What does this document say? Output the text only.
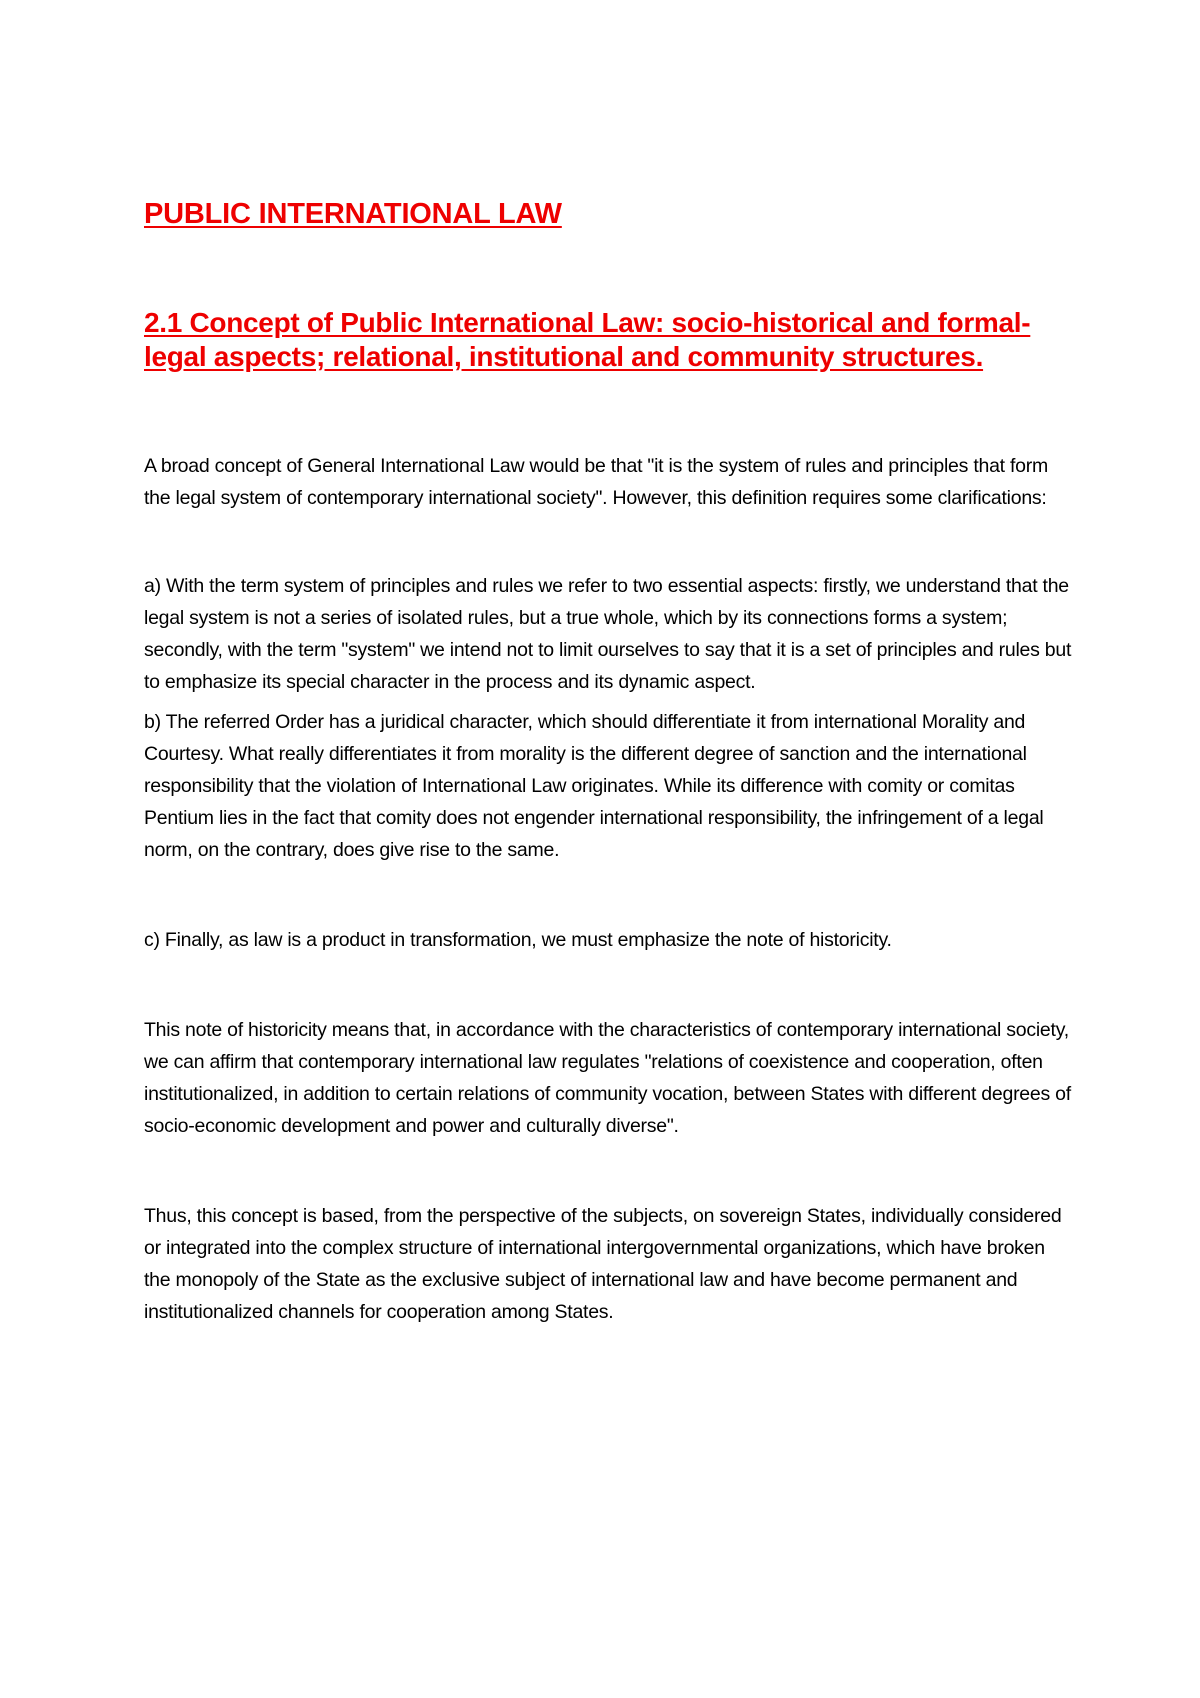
PUBLIC INTERNATIONAL LAW
2.1 Concept of Public International Law: socio-historical and formal-legal aspects; relational, institutional and community structures.

A broad concept of General International Law would be that "it is the system of rules and principles that form the legal system of contemporary international society". However, this definition requires some clarifications:

a) With the term system of principles and rules we refer to two essential aspects: firstly, we understand that the legal system is not a series of isolated rules, but a true whole, which by its connections forms a system; secondly, with the term "system" we intend not to limit ourselves to say that it is a set of principles and rules but to emphasize its special character in the process and its dynamic aspect.

b) The referred Order has a juridical character, which should differentiate it from international Morality and Courtesy. What really differentiates it from morality is the different degree of sanction and the international responsibility that the violation of International Law originates. While its difference with comity or comitas Pentium lies in the fact that comity does not engender international responsibility, the infringement of a legal norm, on the contrary, does give rise to the same.

c) Finally, as law is a product in transformation, we must emphasize the note of historicity.

This note of historicity means that, in accordance with the characteristics of contemporary international society, we can affirm that contemporary international law regulates "relations of coexistence and cooperation, often institutionalized, in addition to certain relations of community vocation, between States with different degrees of socio-economic development and power and culturally diverse".

Thus, this concept is based, from the perspective of the subjects, on sovereign States, individually considered or integrated into the complex structure of international intergovernmental organizations, which have broken the monopoly of the State as the exclusive subject of international law and have become permanent and institutionalized channels for cooperation among States.
